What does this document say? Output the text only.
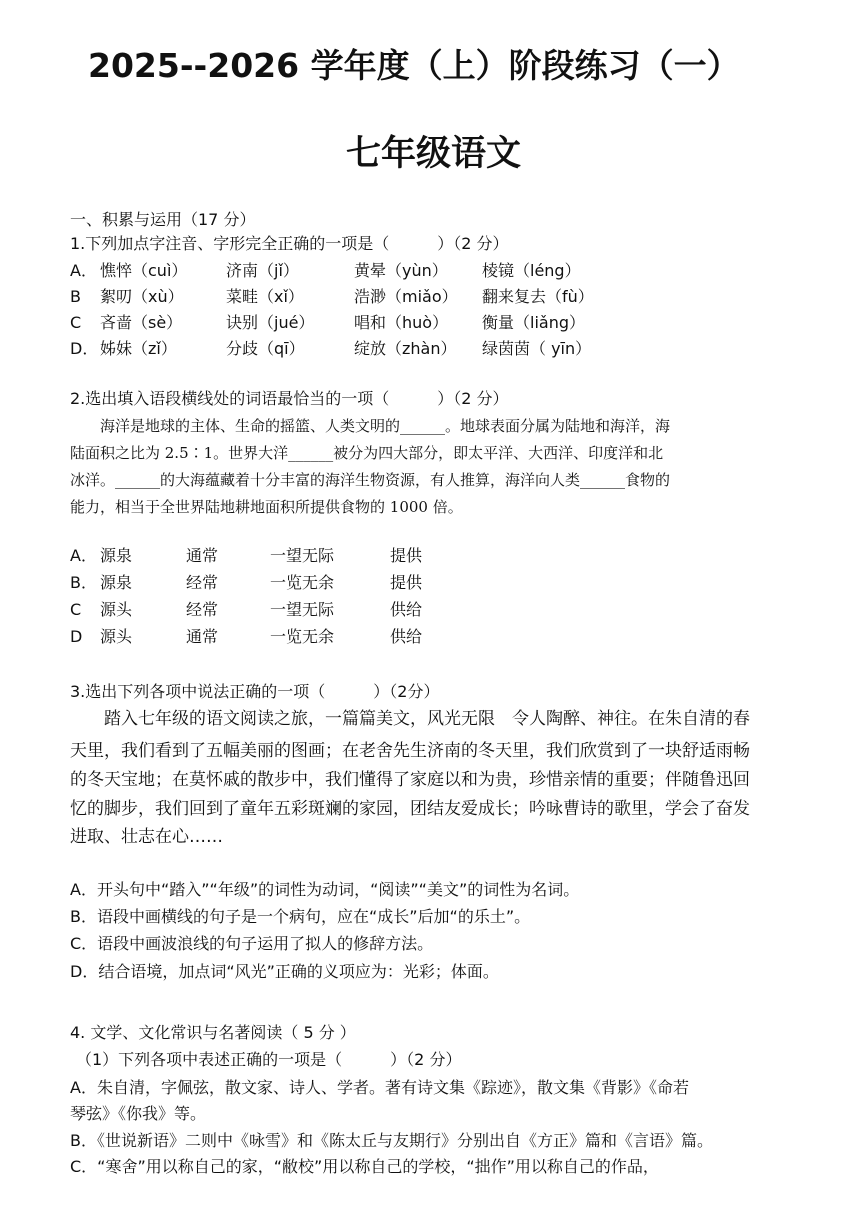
2025--2026 学年度（上）阶段练习（一）
七年级语文
一、积累与运用（17 分）
1.下列加点字注音、字形完全正确的一项是（　　　）（2 分）
A． 憔悴（cuì） 济南（jǐ）	黄晕（yùn） 棱镜（léng）
B 絮叨（xù）	菜畦（xǐ）	浩渺（miǎo） 翻来复去（fù）
C 吝啬（sè）	诀别（jué） 唱和（huò） 衡量（liǎng）
D． 姊妹（zǐ）	分歧（qī）	绽放（zhàn） 绿茵茵（ yīn）
2.选出填入语段横线处的词语最恰当的一项（　　　）（2 分）
　　海洋是地球的主体、生命的摇篮、人类文明的______。地球表面分属为陆地和海洋，海
陆面积之比为 2.5∶1。世界大洋______被分为四大部分，即太平洋、大西洋、印度洋和北
冰洋。______的大海蕴藏着十分丰富的海洋生物资源，有人推算，海洋向人类______食物的
能力，相当于全世界陆地耕地面积所提供食物的 1000 倍。
A． 源泉	通常	一望无际	提供
B． 源泉	经常	一览无余	提供
C 源头	经常	一望无际	供给
D 源头	通常	一览无余	供给
3.选出下列各项中说法正确的一项（　　　）（2分）
　　踏入七年级的语文阅读之旅，一篇篇美文，风光无限　令人陶醉、神往。在朱自清的春
天里，我们看到了五幅美丽的图画；在老舍先生济南的冬天里，我们欣赏到了一块舒适雨畅
的冬天宝地；在莫怀戚的散步中，我们懂得了家庭以和为贵，珍惜亲情的重要；伴随鲁迅回
忆的脚步，我们回到了童年五彩斑斓的家园，团结友爱成长；吟咏曹诗的歌里，学会了奋发
进取、壮志在心……
A．开头句中“踏入”“年级”的词性为动词，“阅读”“美文”的词性为名词。
B．语段中画横线的句子是一个病句，应在“成长”后加“的乐土”。
C．语段中画波浪线的句子运用了拟人的修辞方法。
D．结合语境，加点词“风光”正确的义项应为：光彩；体面。
4. 文学、文化常识与名著阅读（ 5 分 ）
（1）下列各项中表述正确的一项是（　　　）（2 分）
A．朱自清，字佩弦，散文家、诗人、学者。著有诗文集《踪迹》，散文集《背影》《命若
琴弦》《你我》等。
B．《世说新语》二则中《咏雪》和《陈太丘与友期行》分别出自《方正》篇和《言语》篇。
C．“寒舍”用以称自己的家，“敝校”用以称自己的学校，“拙作”用以称自己的作品，
